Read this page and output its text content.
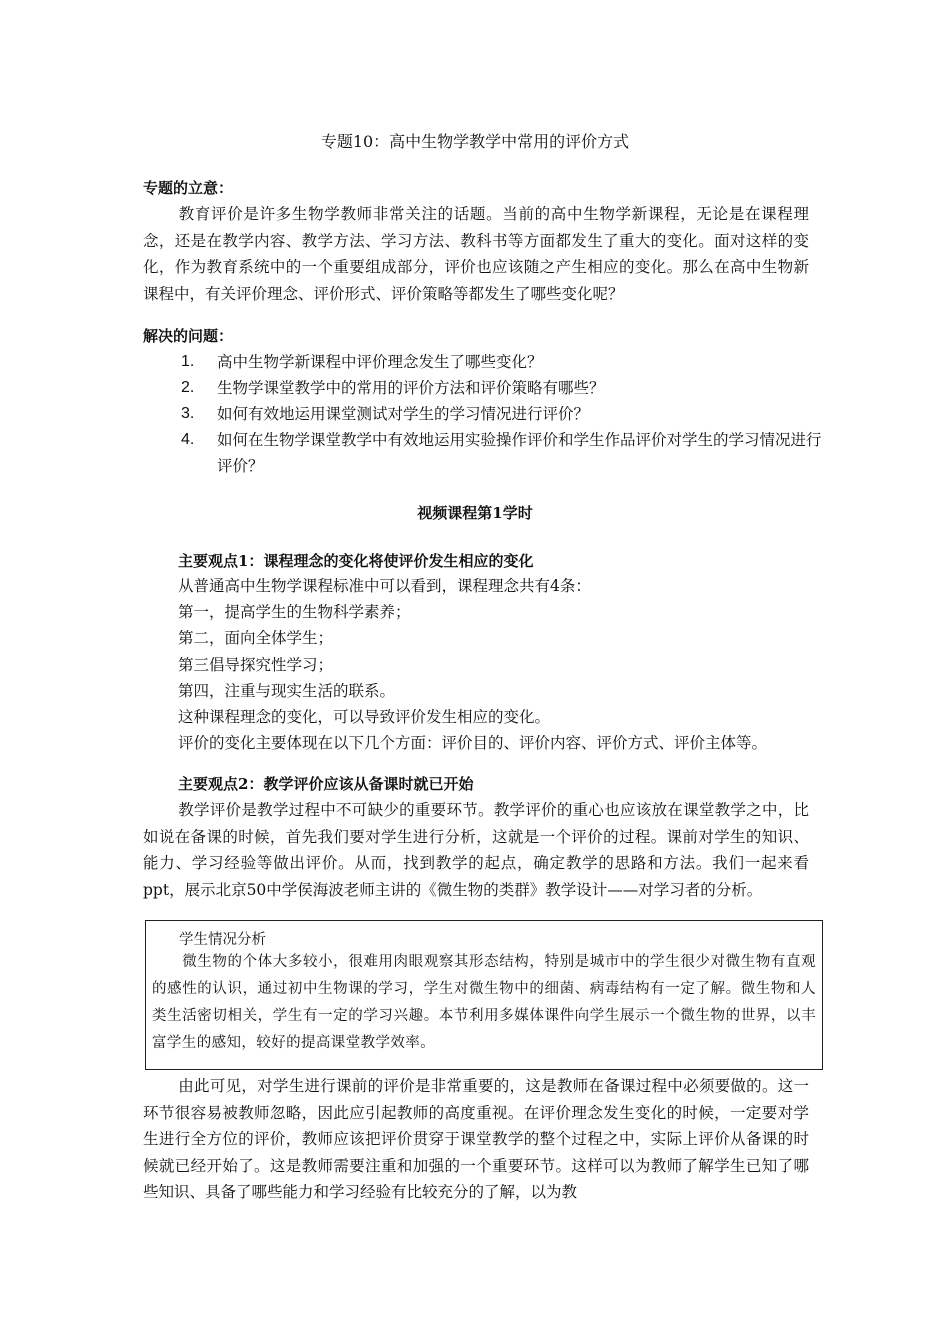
专题10：高中生物学教学中常用的评价方式
专题的立意：

教育评价是许多生物学教师非常关注的话题。当前的高中生物学新课程，无论是在课程理念，还是在教学内容、教学方法、学习方法、教科书等方面都发生了重大的变化。面对这样的变化，作为教育系统中的一个重要组成部分，评价也应该随之产生相应的变化。那么在高中生物新课程中，有关评价理念、评价形式、评价策略等都发生了哪些变化呢？

解决的问题：
1. 高中生物学新课程中评价理念发生了哪些变化？
2. 生物学课堂教学中的常用的评价方法和评价策略有哪些？
3. 如何有效地运用课堂测试对学生的学习情况进行评价？
4. 如何在生物学课堂教学中有效地运用实验操作评价和学生作品评价对学生的学习情况进行评价？
视频课程第1学时
主要观点1：课程理念的变化将使评价发生相应的变化
从普通高中生物学课程标准中可以看到，课程理念共有4条：
第一，提高学生的生物科学素养；
第二，面向全体学生；
第三倡导探究性学习；
第四，注重与现实生活的联系。
这种课程理念的变化，可以导致评价发生相应的变化。
评价的变化主要体现在以下几个方面：评价目的、评价内容、评价方式、评价主体等。
主要观点2：教学评价应该从备课时就已开始

教学评价是教学过程中不可缺少的重要环节。教学评价的重心也应该放在课堂教学之中，比如说在备课的时候，首先我们要对学生进行分析，这就是一个评价的过程。课前对学生的知识、能力、学习经验等做出评价。从而，找到教学的起点，确定教学的思路和方法。我们一起来看ppt，展示北京50中学侯海波老师主讲的《微生物的类群》教学设计——对学习者的分析。

学生情况分析

微生物的个体大多较小，很难用肉眼观察其形态结构，特别是城市中的学生很少对微生物有直观的感性的认识，通过初中生物课的学习，学生对微生物中的细菌、病毒结构有一定了解。微生物和人类生活密切相关，学生有一定的学习兴趣。本节利用多媒体课件向学生展示一个微生物的世界，以丰富学生的感知，较好的提高课堂教学效率。

由此可见，对学生进行课前的评价是非常重要的，这是教师在备课过程中必须要做的。这一环节很容易被教师忽略，因此应引起教师的高度重视。在评价理念发生变化的时候，一定要对学生进行全方位的评价，教师应该把评价贯穿于课堂教学的整个过程之中，实际上评价从备课的时候就已经开始了。这是教师需要注重和加强的一个重要环节。这样可以为教师了解学生已知了哪些知识、具备了哪些能力和学习经验有比较充分的了解，以为教
